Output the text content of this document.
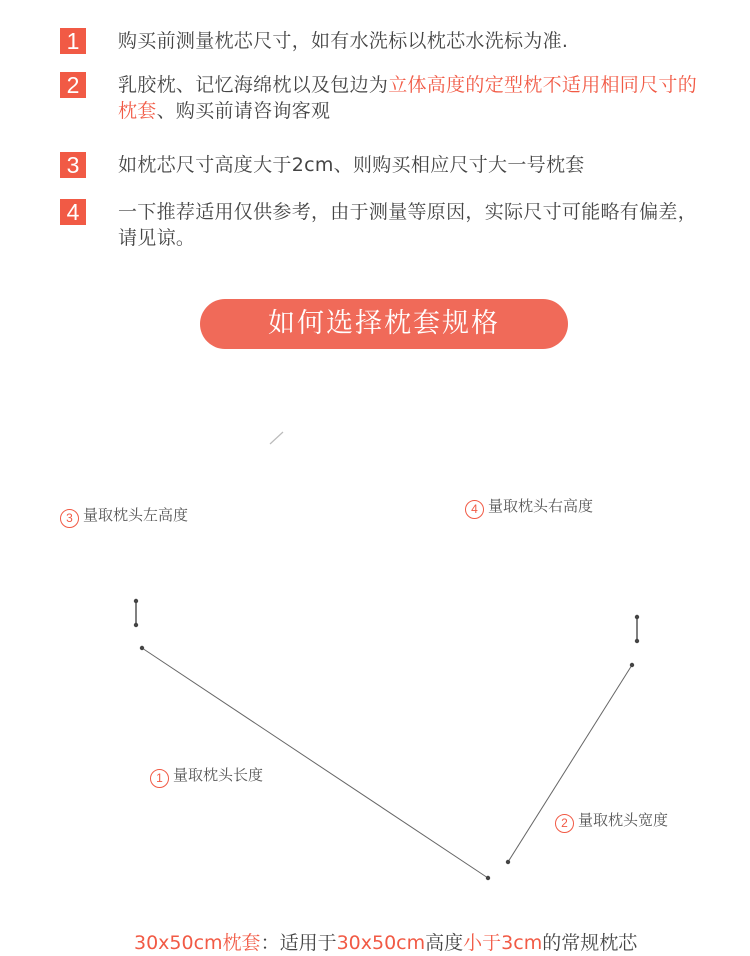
1	购买前测量枕芯尺寸，如有水洗标以枕芯水洗标为准.
2	乳胶枕、记忆海绵枕以及包边为立体高度的定型枕不适用相同尺寸的枕套、购买前请咨询客观
3	如枕芯尺寸高度大于2cm、则购买相应尺寸大一号枕套
4	一下推荐适用仅供参考，由于测量等原因，实际尺寸可能略有偏差，请见谅。
如何选择枕套规格
3 量取枕头左高度	4 量取枕头右高度
1 量取枕头长度
2 量取枕头宽度
30x50cm枕套：适用于30x50cm高度小于3cm的常规枕芯
